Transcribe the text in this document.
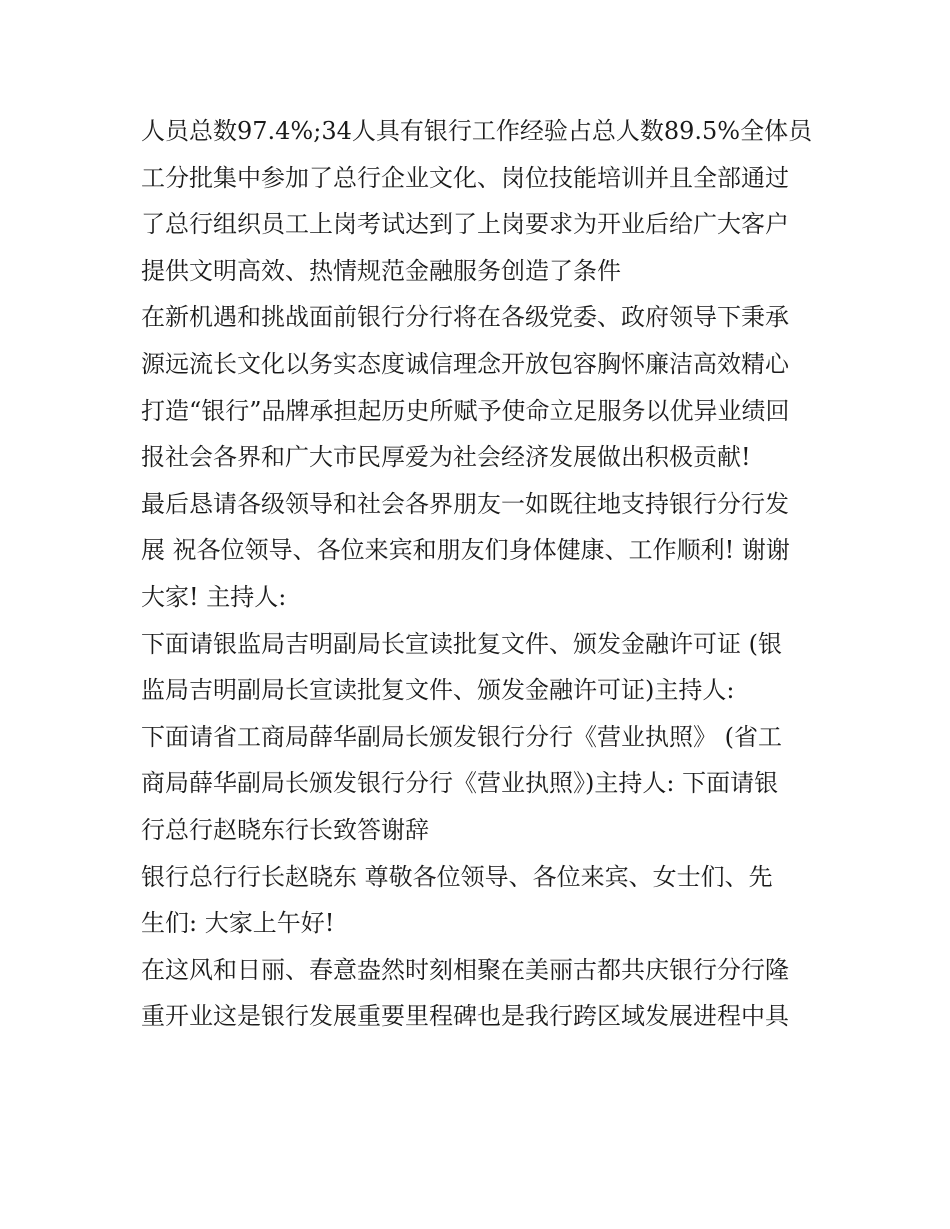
人员总数97.4%;34人具有银行工作经验占总人数89.5%全体员
工分批集中参加了总行企业文化、岗位技能培训并且全部通过
了总行组织员工上岗考试达到了上岗要求为开业后给广大客户
提供文明高效、热情规范金融服务创造了条件
在新机遇和挑战面前银行分行将在各级党委、政府领导下秉承
源远流长文化以务实态度诚信理念开放包容胸怀廉洁高效精心
打造“银行”品牌承担起历史所赋予使命立足服务以优异业绩回
报社会各界和广大市民厚爱为社会经济发展做出积极贡献!
最后恳请各级领导和社会各界朋友一如既往地支持银行分行发
展 祝各位领导、各位来宾和朋友们身体健康、工作顺利! 谢谢
大家! 主持人:
下面请银监局吉明副局长宣读批复文件、颁发金融许可证 (银
监局吉明副局长宣读批复文件、颁发金融许可证)主持人:
下面请省工商局薛华副局长颁发银行分行《营业执照》 (省工
商局薛华副局长颁发银行分行《营业执照》)主持人: 下面请银
行总行赵晓东行长致答谢辞
银行总行行长赵晓东 尊敬各位领导、各位来宾、女士们、先
生们: 大家上午好!
在这风和日丽、春意盎然时刻相聚在美丽古都共庆银行分行隆
重开业这是银行发展重要里程碑也是我行跨区域发展进程中具
